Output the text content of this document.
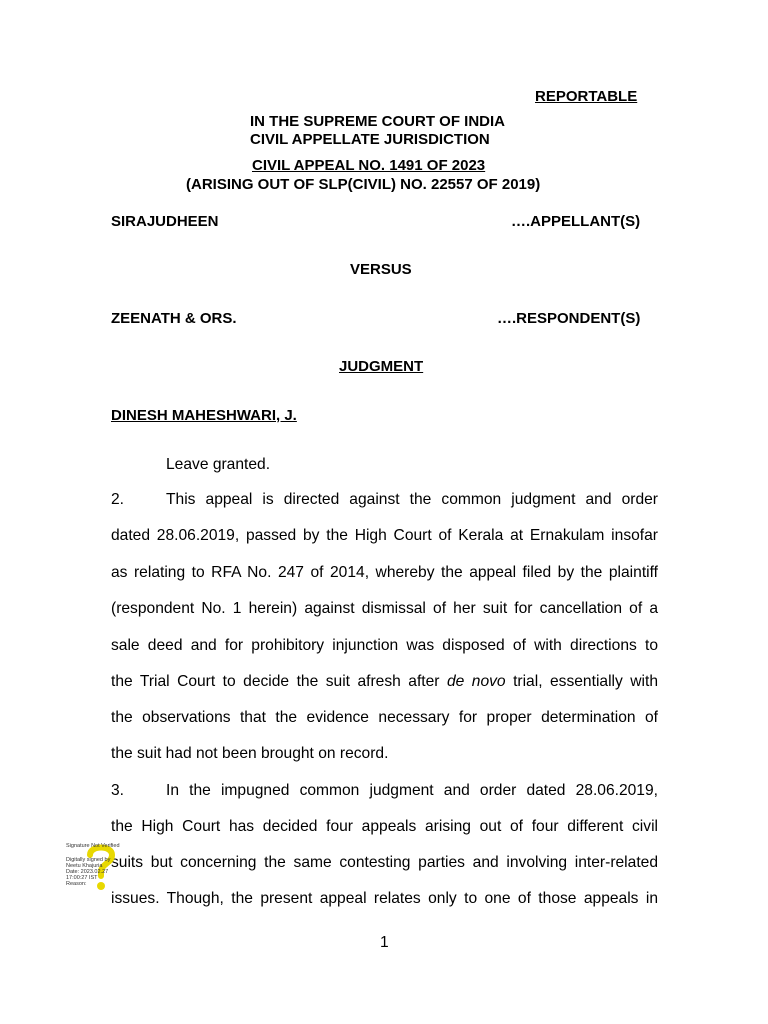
REPORTABLE
IN THE SUPREME COURT OF INDIA
CIVIL APPELLATE JURISDICTION
CIVIL APPEAL NO. 1491 OF 2023
(ARISING OUT OF SLP(CIVIL) NO. 22557 OF 2019)
SIRAJUDHEEN	….APPELLANT(S)
VERSUS
ZEENATH & ORS.	….RESPONDENT(S)
JUDGMENT
DINESH MAHESHWARI, J.
Leave granted.
2.	This appeal is directed against the common judgment and order
dated 28.06.2019, passed by the High Court of Kerala at Ernakulam insofar
as relating to RFA No. 247 of 2014, whereby the appeal filed by the plaintiff
(respondent No. 1 herein) against dismissal of her suit for cancellation of a
sale deed and for prohibitory injunction was disposed of with directions to
the Trial Court to decide the suit afresh after de novo trial, essentially with
the observations that the evidence necessary for proper determination of
the suit had not been brought on record.
3.	In the impugned common judgment and order dated 28.06.2019,
the High Court has decided four appeals arising out of four different civil
suits but concerning the same contesting parties and involving inter-related
issues. Though, the present appeal relates only to one of those appeals in
Signature Not Verified
Digitally signed by
Neetu Khajuria
Date: 2023.02.27
17:00:27 IST
Reason:
1
